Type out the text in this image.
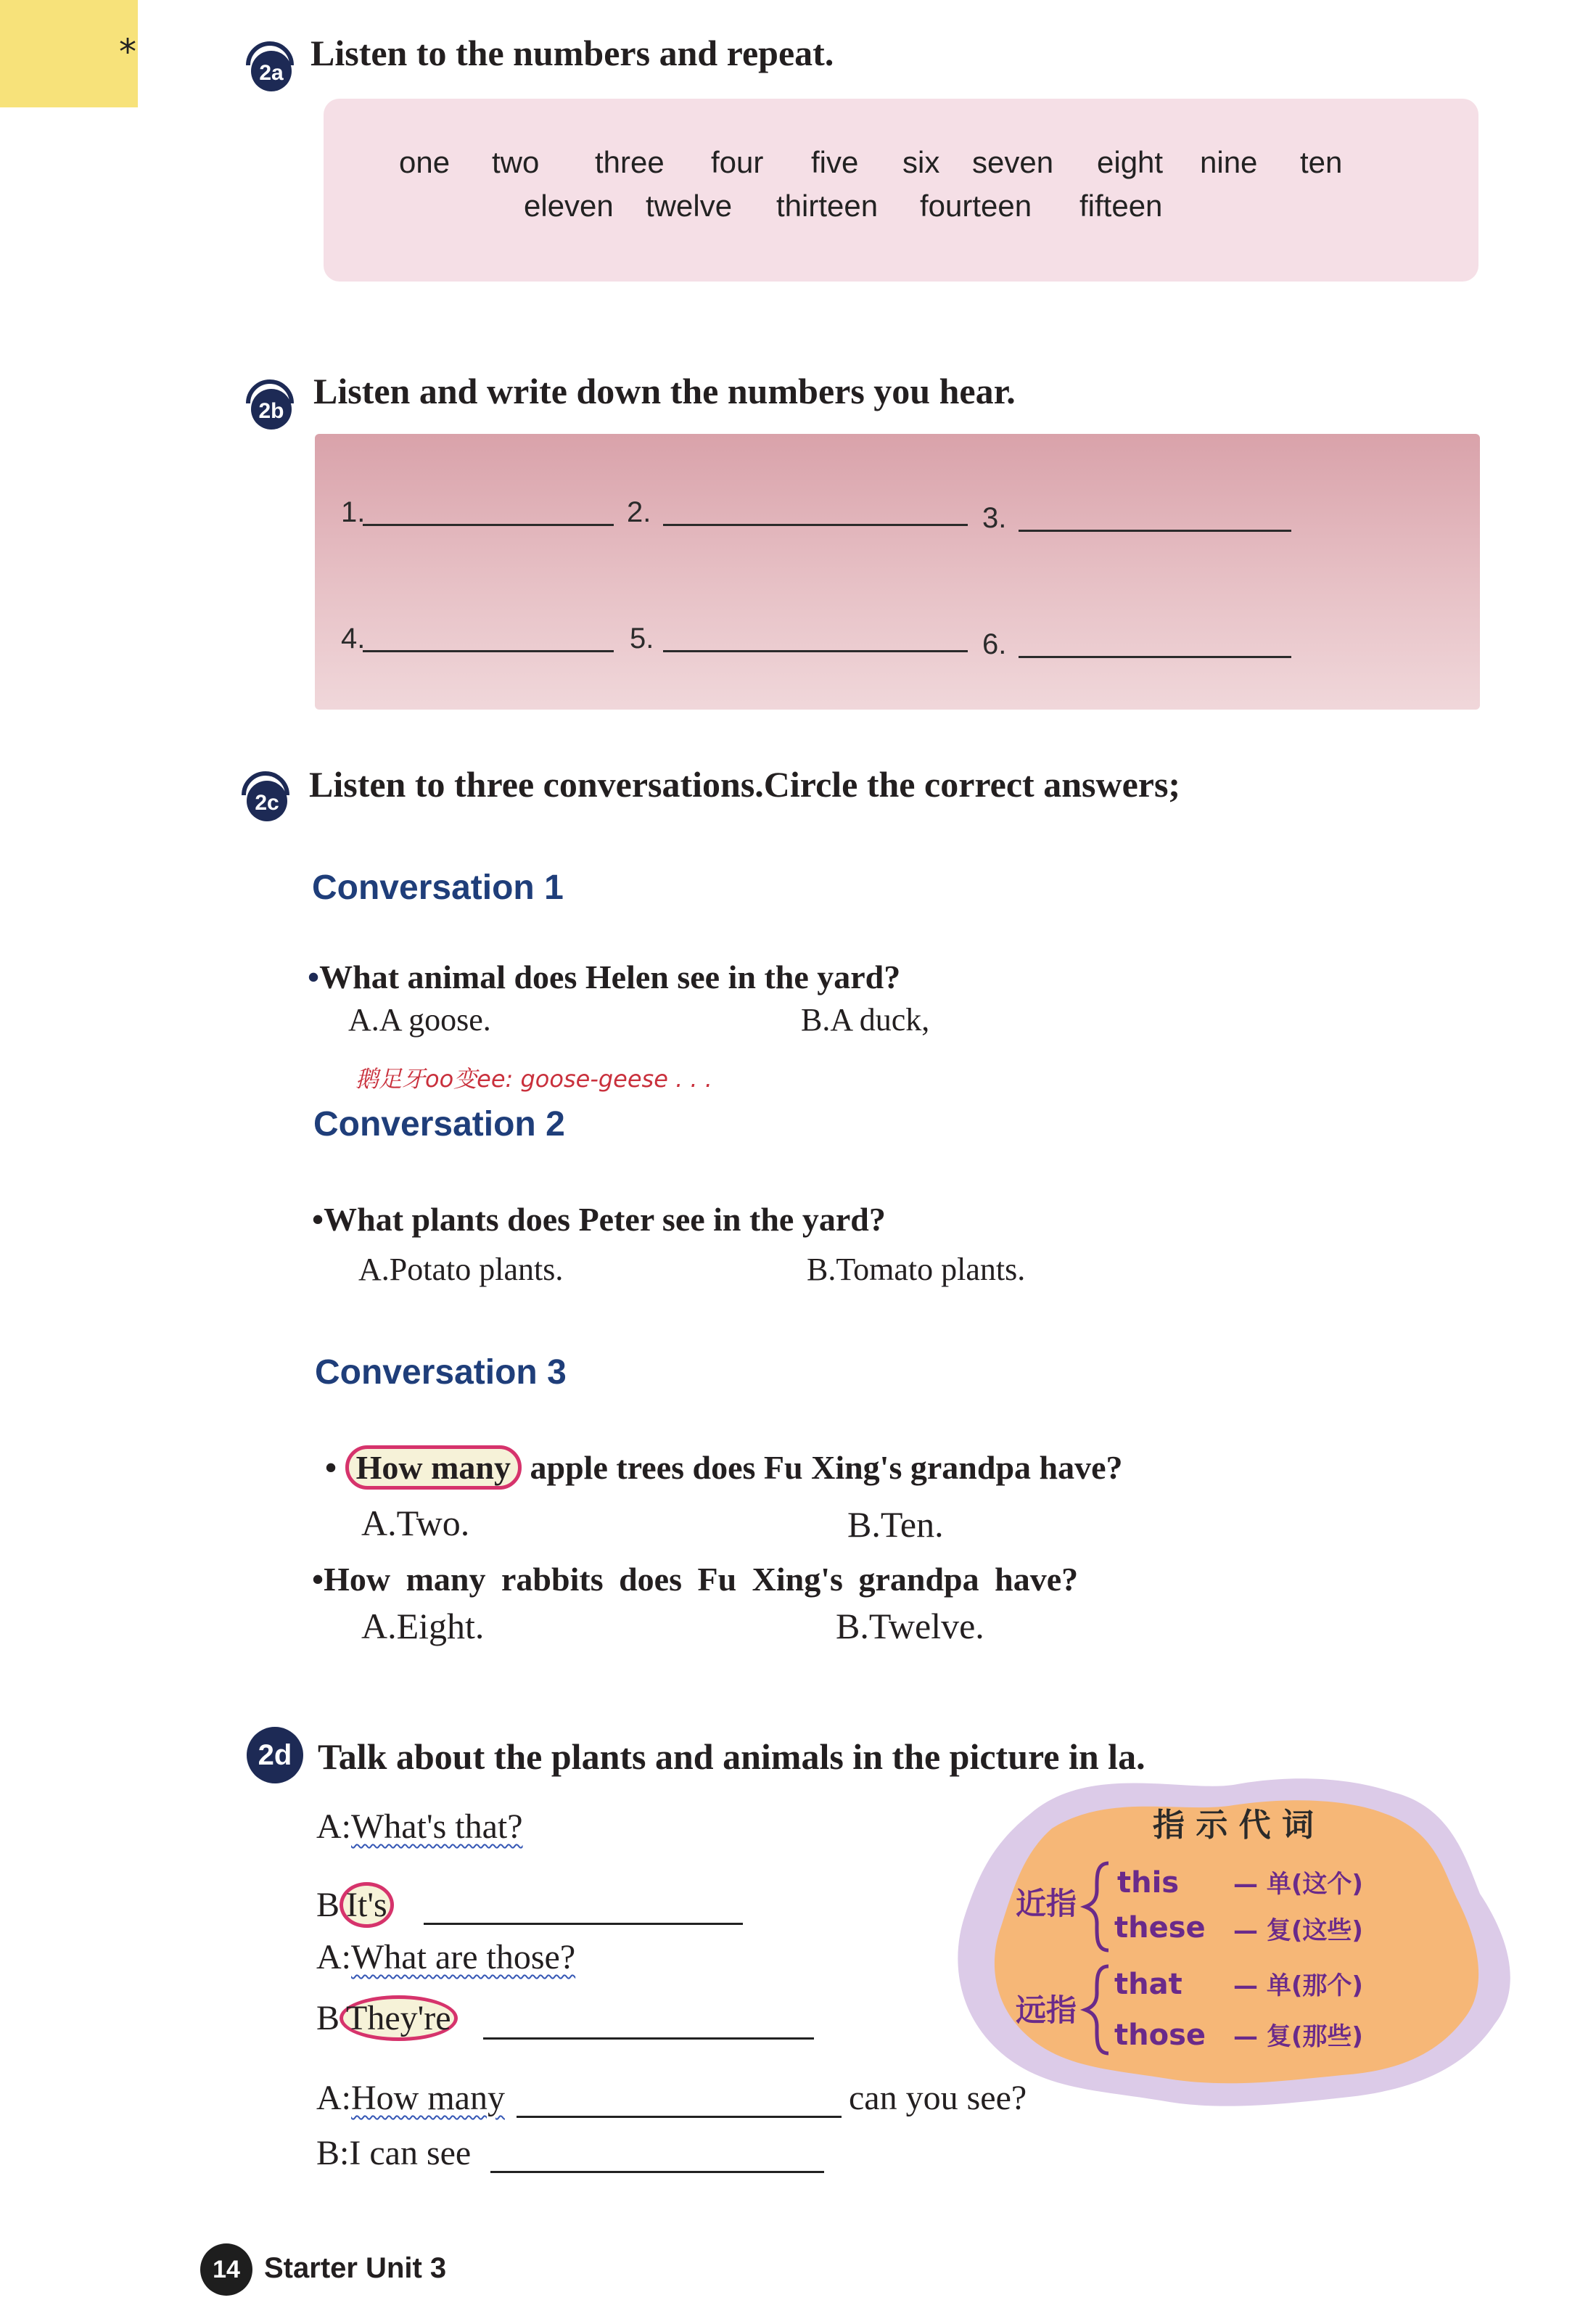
*
2a Listen to the numbers and repeat.
one two three four five six seven eight nine ten
eleven twelve thirteen fourteen fifteen
2b Listen and write down the numbers you hear.
1.	2.	3.
4.	5.	6.
2c Listen to three conversations.Circle the correct answers;
Conversation 1
•What animal does Helen see in the yard?
A.A goose.	B.A duck,
鹅足牙oo变ee: goose-geese . . .
Conversation 2
•What plants does Peter see in the yard?
A.Potato plants.	B.Tomato plants.
Conversation 3
• How many apple trees does Fu Xing's grandpa have?
A.Two.	B.Ten.
•How many rabbits does Fu Xing's grandpa have?
A.Eight.	B.Twelve.
2d Talk about the plants and animals in the picture in la.
A:What's that?
B It's
A:What are those?
B They're
A:How many	can you see?
B:I can see
指 示 代 词
近指
远指
this — 单(这个)
these — 复(这些)
that — 单(那个)
those — 复(那些)
14 Starter Unit 3
